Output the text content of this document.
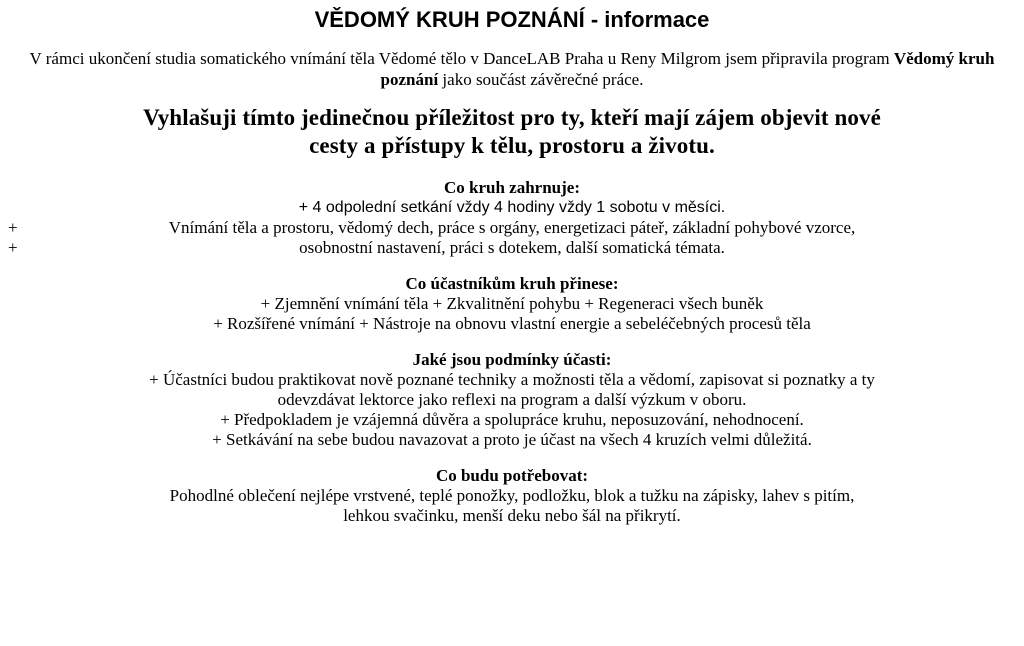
VĚDOMÝ KRUH POZNÁNÍ - informace

V rámci ukončení studia somatického vnímání těla Vědomé tělo v DanceLAB Praha u Reny Milgrom jsem připravila program Vědomý kruh poznání jako součást závěrečné práce.

Vyhlašuji tímto jedinečnou příležitost pro ty, kteří mají zájem objevit nové
cesty a přístupy k tělu, prostoru a životu.
Co kruh zahrnuje:
+ 4 odpolední setkání vždy 4 hodiny vždy 1 sobotu v měsíci.
+	Vnímání těla a prostoru, vědomý dech, práce s orgány, energetizaci páteř, základní pohybové vzorce,
+	osobnostní nastavení, práci s dotekem, další somatická témata.
Co účastníkům kruh přinese:
+ Zjemnění vnímání těla + Zkvalitnění pohybu + Regeneraci všech buněk
+ Rozšířené vnímání + Nástroje na obnovu vlastní energie a sebeléčebných procesů těla
Jaké jsou podmínky účasti:
+ Účastníci budou praktikovat nově poznané techniky a možnosti těla a vědomí, zapisovat si poznatky a ty
odevzdávat lektorce jako reflexi na program a další výzkum v oboru.
+ Předpokladem je vzájemná důvěra a spolupráce kruhu, neposuzování, nehodnocení.
+ Setkávání na sebe budou navazovat a proto je účast na všech 4 kruzích velmi důležitá.
Co budu potřebovat:
Pohodlné oblečení nejlépe vrstvené, teplé ponožky, podložku, blok a tužku na zápisky, lahev s pitím,
lehkou svačinku, menší deku nebo šál na přikrytí.
